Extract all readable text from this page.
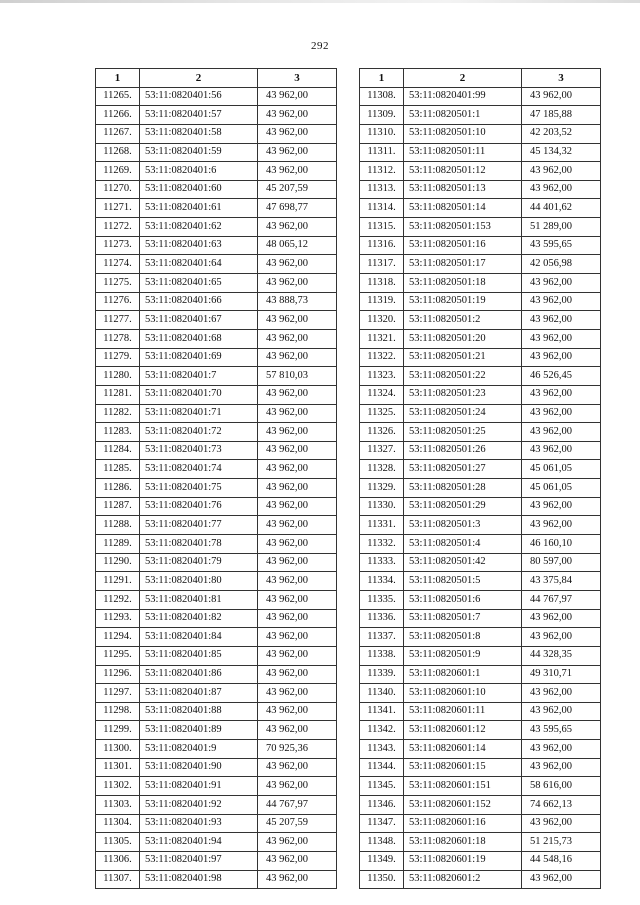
292
1	2	3
11265.	53:11:0820401:56	43 962,00
11266.	53:11:0820401:57	43 962,00
11267.	53:11:0820401:58	43 962,00
11268.	53:11:0820401:59	43 962,00
11269.	53:11:0820401:6	43 962,00
11270.	53:11:0820401:60	45 207,59
11271.	53:11:0820401:61	47 698,77
11272.	53:11:0820401:62	43 962,00
11273.	53:11:0820401:63	48 065,12
11274.	53:11:0820401:64	43 962,00
11275.	53:11:0820401:65	43 962,00
11276.	53:11:0820401:66	43 888,73
11277.	53:11:0820401:67	43 962,00
11278.	53:11:0820401:68	43 962,00
11279.	53:11:0820401:69	43 962,00
11280.	53:11:0820401:7	57 810,03
11281.	53:11:0820401:70	43 962,00
11282.	53:11:0820401:71	43 962,00
11283.	53:11:0820401:72	43 962,00
11284.	53:11:0820401:73	43 962,00
11285.	53:11:0820401:74	43 962,00
11286.	53:11:0820401:75	43 962,00
11287.	53:11:0820401:76	43 962,00
11288.	53:11:0820401:77	43 962,00
11289.	53:11:0820401:78	43 962,00
11290.	53:11:0820401:79	43 962,00
11291.	53:11:0820401:80	43 962,00
11292.	53:11:0820401:81	43 962,00
11293.	53:11:0820401:82	43 962,00
11294.	53:11:0820401:84	43 962,00
11295.	53:11:0820401:85	43 962,00
11296.	53:11:0820401:86	43 962,00
11297.	53:11:0820401:87	43 962,00
11298.	53:11:0820401:88	43 962,00
11299.	53:11:0820401:89	43 962,00
11300.	53:11:0820401:9	70 925,36
11301.	53:11:0820401:90	43 962,00
11302.	53:11:0820401:91	43 962,00
11303.	53:11:0820401:92	44 767,97
11304.	53:11:0820401:93	45 207,59
11305.	53:11:0820401:94	43 962,00
11306.	53:11:0820401:97	43 962,00
11307.	53:11:0820401:98	43 962,00
1	2	3
11308.	53:11:0820401:99	43 962,00
11309.	53:11:0820501:1	47 185,88
11310.	53:11:0820501:10	42 203,52
11311.	53:11:0820501:11	45 134,32
11312.	53:11:0820501:12	43 962,00
11313.	53:11:0820501:13	43 962,00
11314.	53:11:0820501:14	44 401,62
11315.	53:11:0820501:153	51 289,00
11316.	53:11:0820501:16	43 595,65
11317.	53:11:0820501:17	42 056,98
11318.	53:11:0820501:18	43 962,00
11319.	53:11:0820501:19	43 962,00
11320.	53:11:0820501:2	43 962,00
11321.	53:11:0820501:20	43 962,00
11322.	53:11:0820501:21	43 962,00
11323.	53:11:0820501:22	46 526,45
11324.	53:11:0820501:23	43 962,00
11325.	53:11:0820501:24	43 962,00
11326.	53:11:0820501:25	43 962,00
11327.	53:11:0820501:26	43 962,00
11328.	53:11:0820501:27	45 061,05
11329.	53:11:0820501:28	45 061,05
11330.	53:11:0820501:29	43 962,00
11331.	53:11:0820501:3	43 962,00
11332.	53:11:0820501:4	46 160,10
11333.	53:11:0820501:42	80 597,00
11334.	53:11:0820501:5	43 375,84
11335.	53:11:0820501:6	44 767,97
11336.	53:11:0820501:7	43 962,00
11337.	53:11:0820501:8	43 962,00
11338.	53:11:0820501:9	44 328,35
11339.	53:11:0820601:1	49 310,71
11340.	53:11:0820601:10	43 962,00
11341.	53:11:0820601:11	43 962,00
11342.	53:11:0820601:12	43 595,65
11343.	53:11:0820601:14	43 962,00
11344.	53:11:0820601:15	43 962,00
11345.	53:11:0820601:151	58 616,00
11346.	53:11:0820601:152	74 662,13
11347.	53:11:0820601:16	43 962,00
11348.	53:11:0820601:18	51 215,73
11349.	53:11:0820601:19	44 548,16
11350.	53:11:0820601:2	43 962,00
